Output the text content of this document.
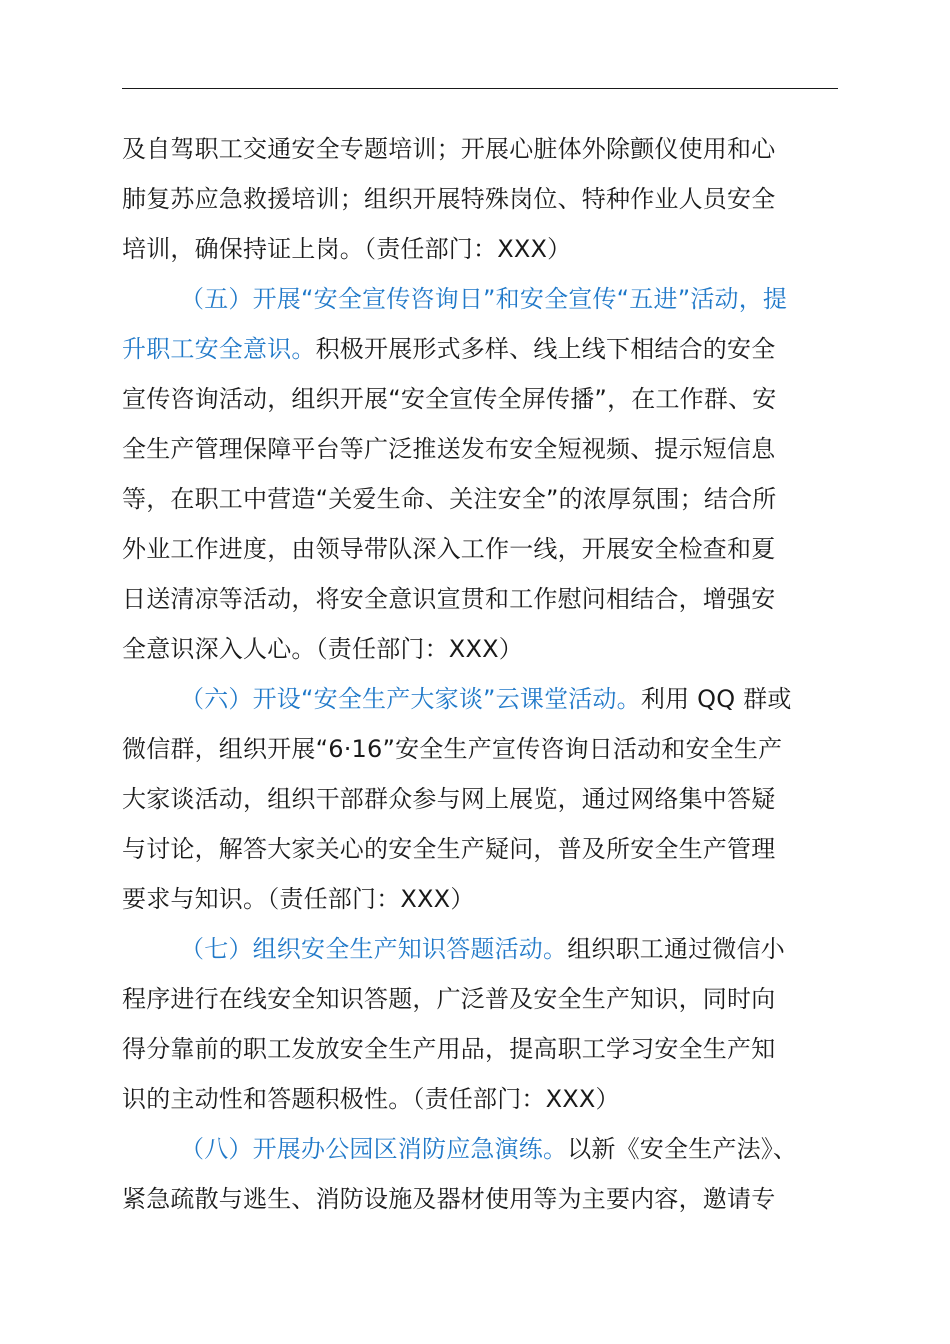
及自驾职工交通安全专题培训；开展心脏体外除颤仪使用和心
肺复苏应急救援培训；组织开展特殊岗位、特种作业人员安全
培训，确保持证上岗。（责任部门：XXX）
（五）开展“安全宣传咨询日”和安全宣传“五进”活动，提
升职工安全意识。积极开展形式多样、线上线下相结合的安全
宣传咨询活动，组织开展“安全宣传全屏传播”，在工作群、安
全生产管理保障平台等广泛推送发布安全短视频、提示短信息
等，在职工中营造“关爱生命、关注安全”的浓厚氛围；结合所
外业工作进度，由领导带队深入工作一线，开展安全检查和夏
日送清凉等活动，将安全意识宣贯和工作慰问相结合，增强安
全意识深入人心。（责任部门：XXX）
（六）开设“安全生产大家谈”云课堂活动。利用 QQ 群或
微信群，组织开展“6·16”安全生产宣传咨询日活动和安全生产
大家谈活动，组织干部群众参与网上展览，通过网络集中答疑
与讨论，解答大家关心的安全生产疑问，普及所安全生产管理
要求与知识。（责任部门：XXX）
（七）组织安全生产知识答题活动。组织职工通过微信小
程序进行在线安全知识答题，广泛普及安全生产知识，同时向
得分靠前的职工发放安全生产用品，提高职工学习安全生产知
识的主动性和答题积极性。（责任部门：XXX）
（八）开展办公园区消防应急演练。以新《安全生产法》、
紧急疏散与逃生、消防设施及器材使用等为主要内容，邀请专
